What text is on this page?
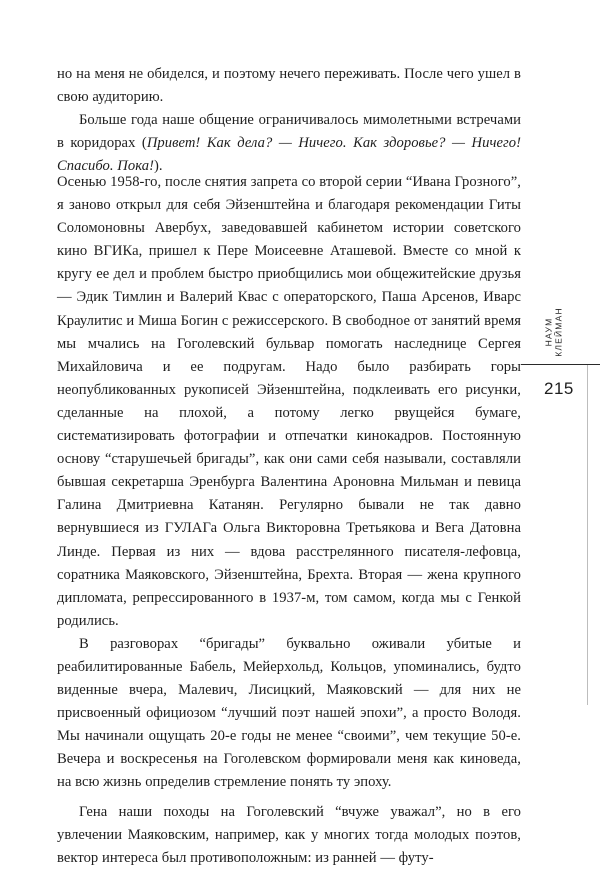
но на меня не обиделся, и поэтому нечего переживать. После чего ушел в свою аудиторию.

Больше года наше общение ограничивалось мимолетными встречами в коридорах (Привет! Как дела? — Ничего. Как здоровье? — Ничего! Спасибо. Пока!).

Осенью 1958-го, после снятия запрета со второй серии “Ивана Грозного”, я заново открыл для себя Эйзенштейна и благодаря рекомендации Гиты Соломоновны Авербух, заведовавшей кабинетом истории советского кино ВГИКа, пришел к Пере Моисеевне Аташевой. Вместе со мной к кругу ее дел и проблем быстро приобщились мои общежитейские друзья — Эдик Тимлин и Валерий Квас с операторского, Паша Арсенов, Иварс Краулитис и Миша Богин с режиссерского. В свободное от занятий время мы мчались на Гоголевский бульвар помогать наследнице Сергея Михайловича и ее подругам. Надо было разбирать горы неопубликованных рукописей Эйзенштейна, подклеивать его рисунки, сделанные на плохой, а потому легко рвущейся бумаге, систематизировать фотографии и отпечатки кинокадров. Постоянную основу “старушечьей бригады”, как они сами себя называли, составляли бывшая секретарша Эренбурга Валентина Ароновна Мильман и певица Галина Дмитриевна Катанян. Регулярно бывали не так давно вернувшиеся из ГУЛАГа Ольга Викторовна Третьякова и Вега Датовна Линде. Первая из них — вдова расстрелянного писателя-лефовца, соратника Маяковского, Эйзенштейна, Брехта. Вторая — жена крупного дипломата, репрессированного в 1937-м, том самом, когда мы с Генкой родились.

В разговорах “бригады” буквально оживали убитые и реабилитированные Бабель, Мейерхольд, Кольцов, упоминались, будто виденные вчера, Малевич, Лисицкий, Маяковский — для них не присвоенный официозом “лучший поэт нашей эпохи”, а просто Володя. Мы начинали ощущать 20-е годы не менее “своими”, чем текущие 50-е. Вечера и воскресенья на Гоголевском формировали меня как киноведа, на всю жизнь определив стремление понять ту эпоху.

Гена наши походы на Гоголевский “вчуже уважал”, но в его увлечении Маяковским, например, как у многих тогда молодых поэтов, вектор интереса был противоположным: из ранней — футу-

НАУМ КЛЕЙМАН
215
